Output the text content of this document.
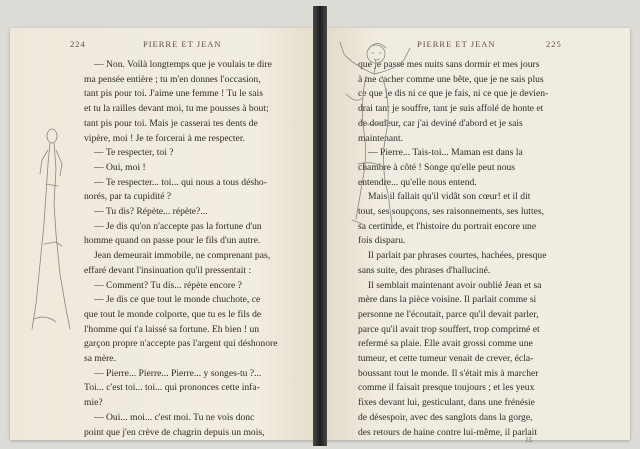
224	PIERRE ET JEAN	PIERRE ET JEAN	225

— Non. Voilà longtemps que je voulais te dire

ma pensée entière ; tu m'en donnes l'occasion,

tant pis pour toi. J'aime une femme ! Tu le sais

et tu la railles devant moi, tu me pousses à bout;

tant pis pour toi. Mais je casserai tes dents de

vipère, moi ! Je te forcerai à me respecter.

— Te respecter, toi ?

— Oui, moi !

— Te respecter... toi... qui nous a tous désho-

norés, par ta cupidité ?

— Tu dis? Répète... répète?...

— Je dis qu'on n'accepte pas la fortune d'un

homme quand on passe pour le fils d'un autre.

Jean demeurait immobile, ne comprenant pas,

effaré devant l'insinuation qu'il pressentait :

— Comment? Tu dis... répète encore ?

— Je dis ce que tout le monde chuchote, ce

que tout le monde colporte, que tu es le fils de

l'homme qui t'a laissé sa fortune. Eh bien ! un

garçon propre n'accepte pas l'argent qui déshonore

sa mère.

— Pierre... Pierre... Pierre... y songes-tu ?...

Toi... c'est toi... toi... qui prononces cette infa-

mie?

— Oui... moi... c'est moi. Tu ne vois donc

point que j'en crève de chagrin depuis un mois,

que je passe mes nuits sans dormir et mes jours

à me cacher comme une bête, que je ne sais plus

ce que je dis ni ce que je fais, ni ce que je devien-

drai tant je souffre, tant je suis affolé de honte et

de douleur, car j'ai deviné d'abord et je sais

maintenant.

— Pierre... Tais-toi... Maman est dans la

chambre à côté ! Songe qu'elle peut nous

entendre... qu'elle nous entend.

Mais il fallait qu'il vidât son cœur! et il dit

tout, ses soupçons, ses raisonnements, ses luttes,

sa certitude, et l'histoire du portrait encore une

fois disparu.

Il parlait par phrases courtes, hachées, presque

sans suite, des phrases d'halluciné.

Il semblait maintenant avoir oublié Jean et sa

mère dans la pièce voisine. Il parlait comme si

personne ne l'écoutait, parce qu'il devait parler,

parce qu'il avait trop souffert, trop comprimé et

refermé sa plaie. Elle avait grossi comme une

tumeur, et cette tumeur venait de crever, écla-

boussant tout le monde. Il s'était mis à marcher

comme il faisait presque toujours ; et les yeux

fixes devant lui, gesticulant, dans une frénésie

de désespoir, avec des sanglots dans la gorge,

des retours de haine contre lui-même, il parlait

15
